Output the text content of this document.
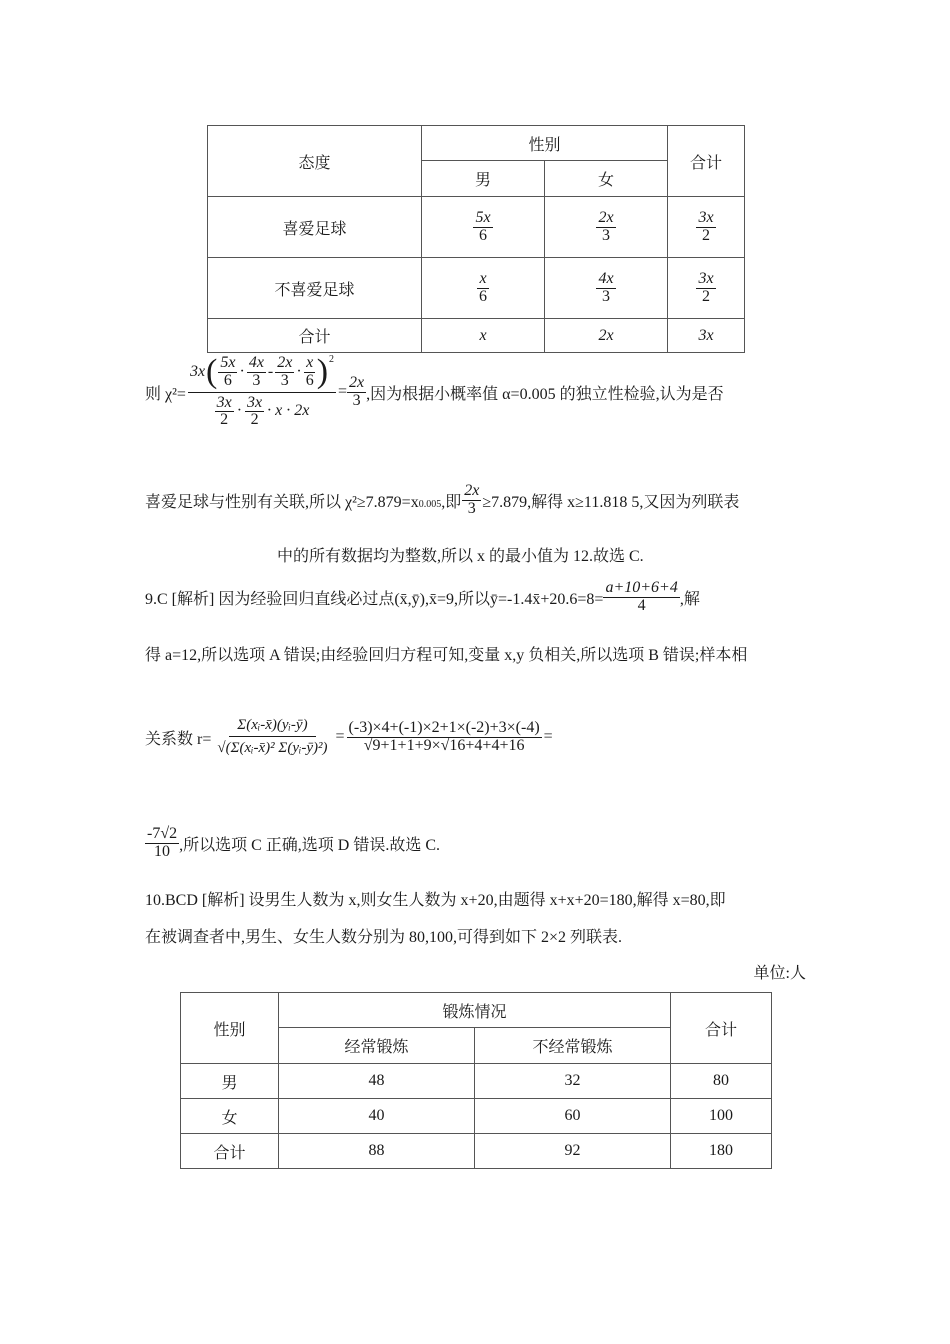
态度	性别		合计
	男	女	
喜爱足球	$\frac{5x}{6}$	$\frac{2x}{3}$	$\frac{3x}{2}$

不喜爱足球	$\frac{x}{6}$	$\frac{4x}{3}$	$\frac{3x}{2}$

合计	x	2x	3x
则 χ²=
3x ( $\frac{5x}{6} \cdot \frac{4x}{3} - \frac{2x}{3} \cdot \frac{x}{6} )^2$
$\frac{3x}{2} \cdot \frac{3x}{2} \cdot x \cdot 2x$
= $\frac{2x}{3}$ ,因为根据小概率值 α=0.005 的独立性检验,认为是否
喜爱足球与性别有关联,所以 $\chi^2\ge 7.879=x_{0.005}$ ,即 $\frac{2x}{3} \ge 7.879$,解得 x≥11.818 5,又因为列联表
中的所有数据均为整数,所以 x 的最小值为 12.故选 C.
9.C [解析] 因为经验回归直线必过点(x̄,ȳ),x̄=9,所以ȳ=-1.4x̄+20.6=8= $\frac{a+10+6+4}{4}$ ,解
得 a=12,所以选项 A 错误;由经验回归方程可知,变量 x,y 负相关,所以选项 B 错误;样本相
关系数 $r= \frac{\text{Σ(xᵢ-x̄)(yᵢ-ȳ)}}{\text{√(Σ(xᵢ-x̄)² Σ(yᵢ-ȳ)²)}} = \frac{(-3)\times 4+(-1)\times 2+1\times(-2)+3\times(-4)}{√9+1+1+9\times√16+4+4+16}$ =
$\frac{-7√2}{10}$ ,所以选项 C 正确,选项 D 错误.故选 C.
10.BCD [解析] 设男生人数为 x,则女生人数为 x+20,由题得 x+x+20=180,解得 x=80,即
在被调查者中,男生、女生人数分别为 80,100,可得到如下 2×2 列联表.
单位:人
性别	锻炼情况		合计
	经常锻炼	不经常锻炼	
男	48	32	80
女	40	60	100
合计	88	92	180
